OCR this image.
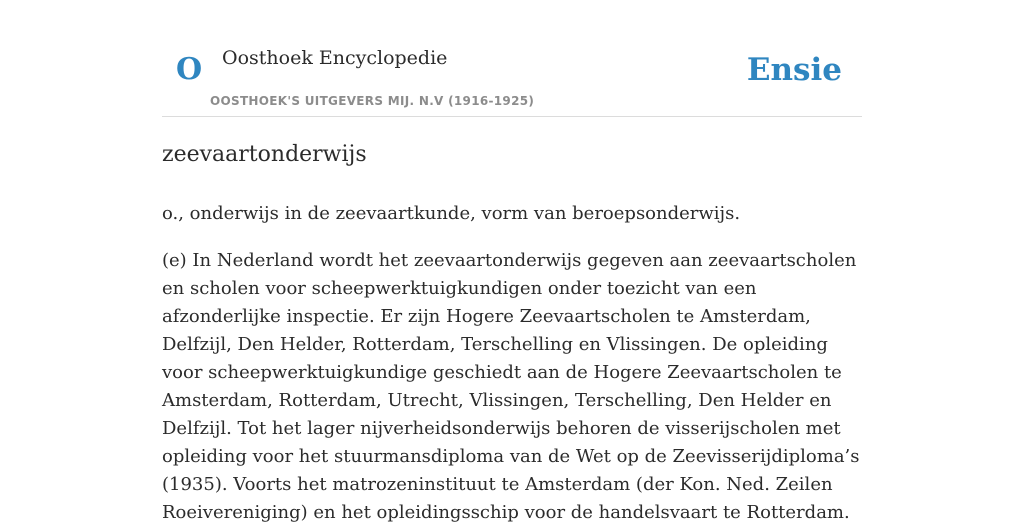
O Oosthoek Encyclopedie
OOSTHOEK'S UITGEVERS MIJ. N.V (1916-1925)
Ensie
zeevaartonderwijs

o., onderwijs in de zeevaartkunde, vorm van beroepsonderwijs.

(e) In Nederland wordt het zeevaartonderwijs gegeven aan zeevaartscholen en scholen voor scheepwerktuigkundigen onder toezicht van een afzonderlijke inspectie. Er zijn Hogere Zeevaartscholen te Amsterdam, Delfzijl, Den Helder, Rotterdam, Terschelling en Vlissingen. De opleiding voor scheepwerktuigkundige geschiedt aan de Hogere Zeevaartscholen te Amsterdam, Rotterdam, Utrecht, Vlissingen, Terschelling, Den Helder en Delfzijl. Tot het lager nijverheidsonderwijs behoren de visserijscholen met opleiding voor het stuurmansdiploma van de Wet op de Zeevisserijdiploma’s (1935). Voorts het matrozeninstituut te Amsterdam (der Kon. Ned. Zeilen Roeivereniging) en het opleidingsschip voor de handelsvaart te Rotterdam.
